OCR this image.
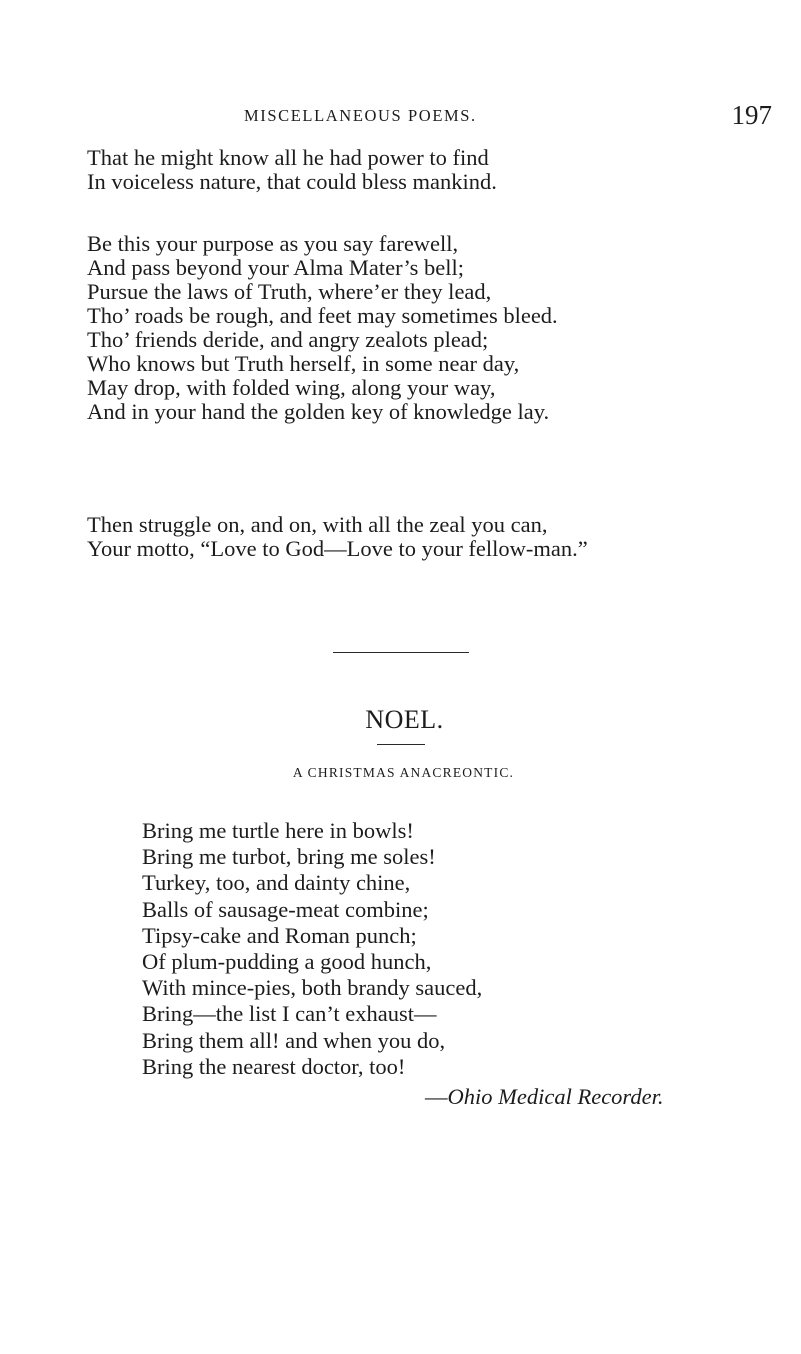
MISCELLANEOUS POEMS.	197
That he might know all he had power to find
In voiceless nature, that could bless mankind.
Be this your purpose as you say farewell,
And pass beyond your Alma Mater’s bell;
Pursue the laws of Truth, where’er they lead,
Tho’ roads be rough, and feet may sometimes bleed.
Tho’ friends deride, and angry zealots plead;
Who knows but Truth herself, in some near day,
May drop, with folded wing, along your way,
And in your hand the golden key of knowledge lay.
Then struggle on, and on, with all the zeal you can,
Your motto, “Love to God—Love to your fellow-man.”
NOEL.
A CHRISTMAS ANACREONTIC.
Bring me turtle here in bowls!
Bring me turbot, bring me soles!
Turkey, too, and dainty chine,
Balls of sausage-meat combine;
Tipsy-cake and Roman punch;
Of plum-pudding a good hunch,
With mince-pies, both brandy sauced,
Bring—the list I can’t exhaust—
Bring them all! and when you do,
Bring the nearest doctor, too!
—Ohio Medical Recorder.
